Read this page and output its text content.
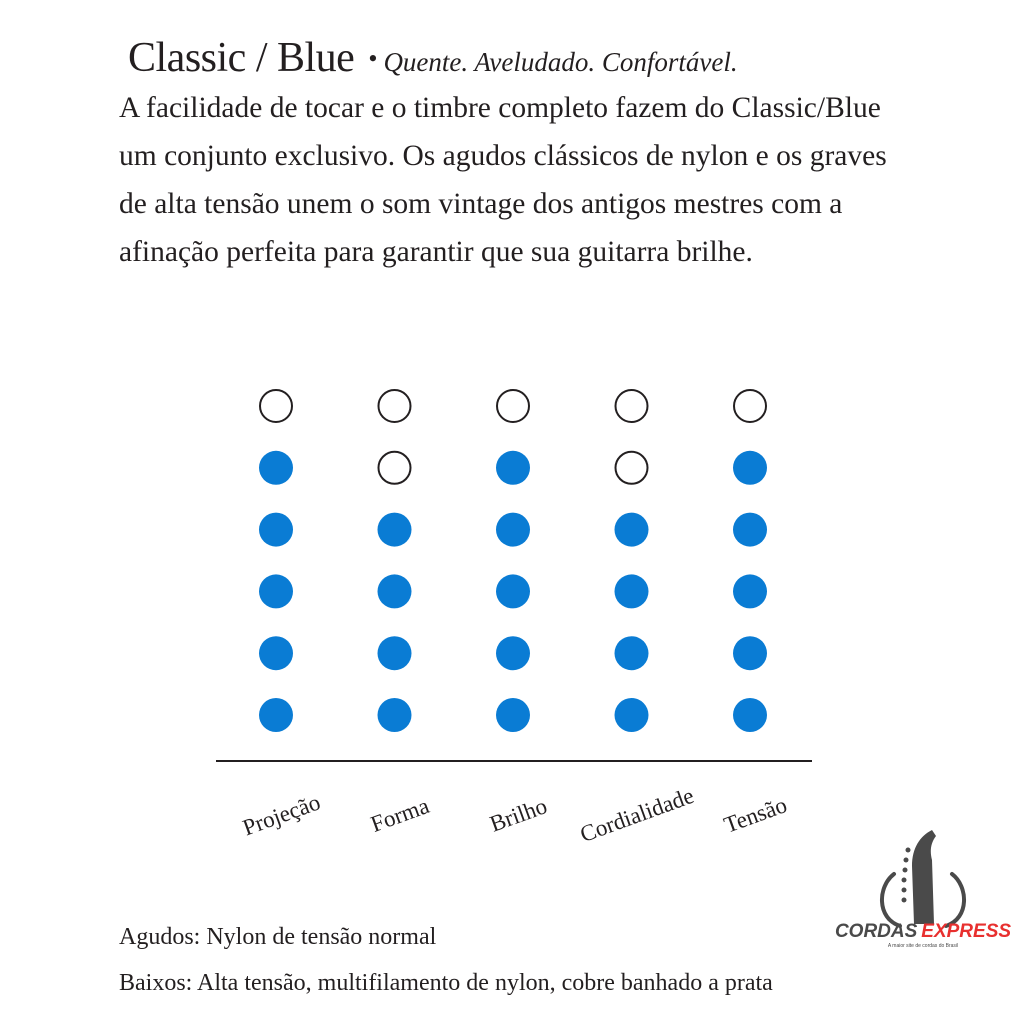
Classic / Blue • Quente. Aveludado. Confortável.
A facilidade de tocar e o timbre completo fazem do Classic/Blue um conjunto exclusivo. Os agudos clássicos de nylon e os graves de alta tensão unem o som vintage dos antigos mestres com a afinação perfeita para garantir que sua guitarra brilhe.
Projeção Forma Brilho Cordialidade Tensão
Agudos: Nylon de tensão normal
Baixos: Alta tensão, multifilamento de nylon, cobre banhado a prata
CORDAS EXPRESS
A maior site de cordas do Brasil
